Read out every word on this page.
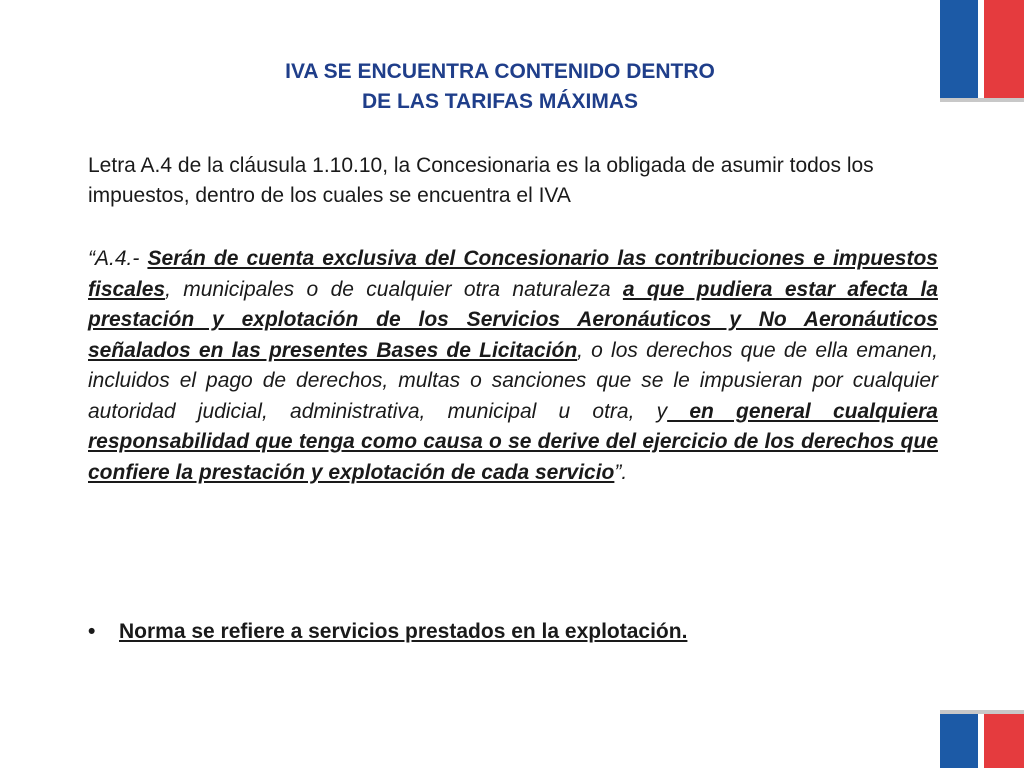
IVA SE ENCUENTRA CONTENIDO DENTRO
DE LAS TARIFAS MÁXIMAS

Letra A.4 de la cláusula 1.10.10, la Concesionaria es la obligada de asumir todos los impuestos, dentro de los cuales se encuentra el IVA

“A.4.- Serán de cuenta exclusiva del Concesionario las contribuciones e impuestos fiscales, municipales o de cualquier otra naturaleza a que pudiera estar afecta la prestación y explotación de los Servicios Aeronáuticos y No Aeronáuticos señalados en las presentes Bases de Licitación, o los derechos que de ella emanen, incluidos el pago de derechos, multas o sanciones que se le impusieran por cualquier autoridad judicial, administrativa, municipal u otra, y en general cualquiera responsabilidad que tenga como causa o se derive del ejercicio de los derechos que confiere la prestación y explotación de cada servicio”.

•	Norma se refiere a servicios prestados en la explotación.
